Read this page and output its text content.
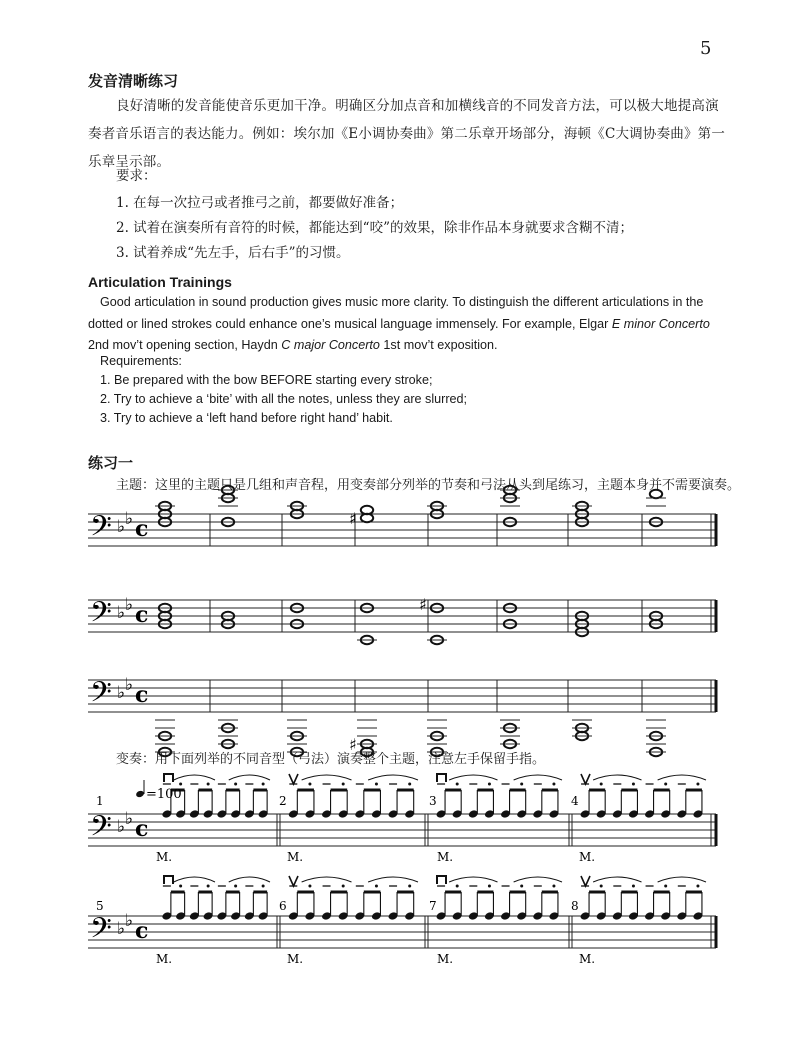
5
发音清晰练习
良好清晰的发音能使音乐更加干净。明确区分加点音和加横线音的不同发音方法，可以极大地提高演奏者音乐语言的表达能力。例如：埃尔加《E小调协奏曲》第二乐章开场部分，海顿《C大调协奏曲》第一乐章呈示部。
要求：
1. 在每一次拉弓或者推弓之前，都要做好准备；
2. 试着在演奏所有音符的时候，都能达到“咬”的效果，除非作品本身就要求含糊不清；
3. 试着养成“先左手，后右手”的习惯。
Articulation Trainings
Good articulation in sound production gives music more clarity. To distinguish the different articulations in the dotted or lined strokes could enhance one’s musical language immensely. For example, Elgar E minor Concerto 2nd mov’t opening section, Haydn C major Concerto 1st mov’t exposition.
Requirements:
1. Be prepared with the bow BEFORE starting every stroke;
2. Try to achieve a ‘bite’ with all the notes, unless they are slurred;
3. Try to achieve a ‘left hand before right hand’ habit.
练习一
主题：这里的主题只是几组和声音程，用变奏部分列举的节奏和弓法从头到尾练习，主题本身并不需要演奏。
变奏：用下面列举的不同音型（弓法）演奏整个主题，注意左手保留手指。
𝄢 ♭ ♭ c	♯
𝄢 ♭ ♭ c	♯
𝄢 ♭ ♭ c
♯
𝄢 ♭ ♭ c
𝄢 ♭ ♭ c
=100
1	2	3	4
5	6	7	8
M.	M.	M.	M.
M.	M.	M.	M.
